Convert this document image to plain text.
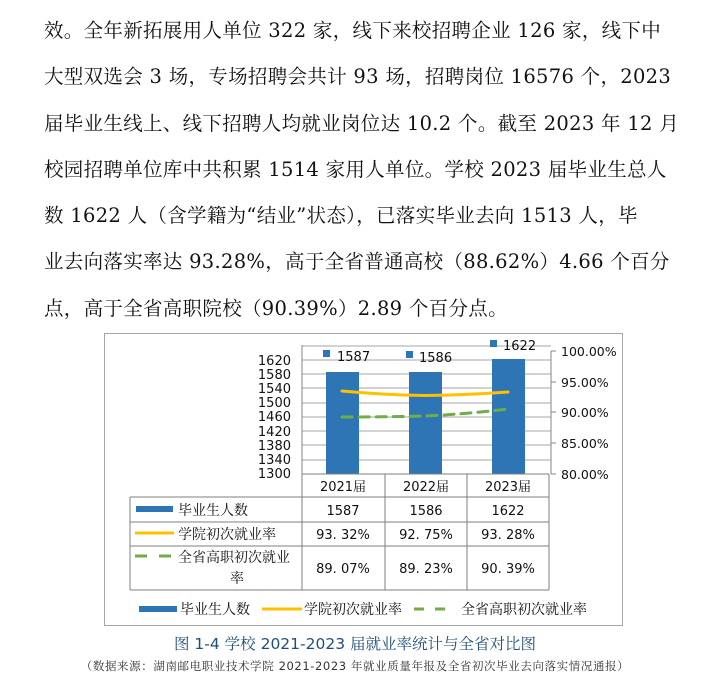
效。全年新拓展用人单位 322 家，线下来校招聘企业 126 家，线下中
大型双选会 3 场，专场招聘会共计 93 场，招聘岗位 16576 个，2023
届毕业生线上、线下招聘人均就业岗位达 10.2 个。截至 2023 年 12 月
校园招聘单位库中共积累 1514 家用人单位。学校 2023 届毕业生总人
数 1622 人（含学籍为“结业”状态），已落实毕业去向 1513 人，毕
业去向落实率达 93.28%，高于全省普通高校（88.62%）4.66 个百分
点，高于全省高职院校（90.39%）2.89 个百分点。
1620
1580
1540
1500
1460
1420
1380
1340
1300
100.00%
95.00%
90.00%
85.00%
80.00%
1587	1586
1622
2021届	2022届	2023届
毕业生人数	1587	1586	1622
学院初次就业率	93. 32% 92. 75% 93. 28%
全省高职初次就业
率
89. 07% 89. 23% 90. 39%
毕业生人数	学院初次就业率	全省高职初次就业率
图 1-4 学校 2021-2023 届就业率统计与全省对比图
（数据来源：湖南邮电职业技术学院 2021-2023 年就业质量年报及全省初次毕业去向落实情况通报）
